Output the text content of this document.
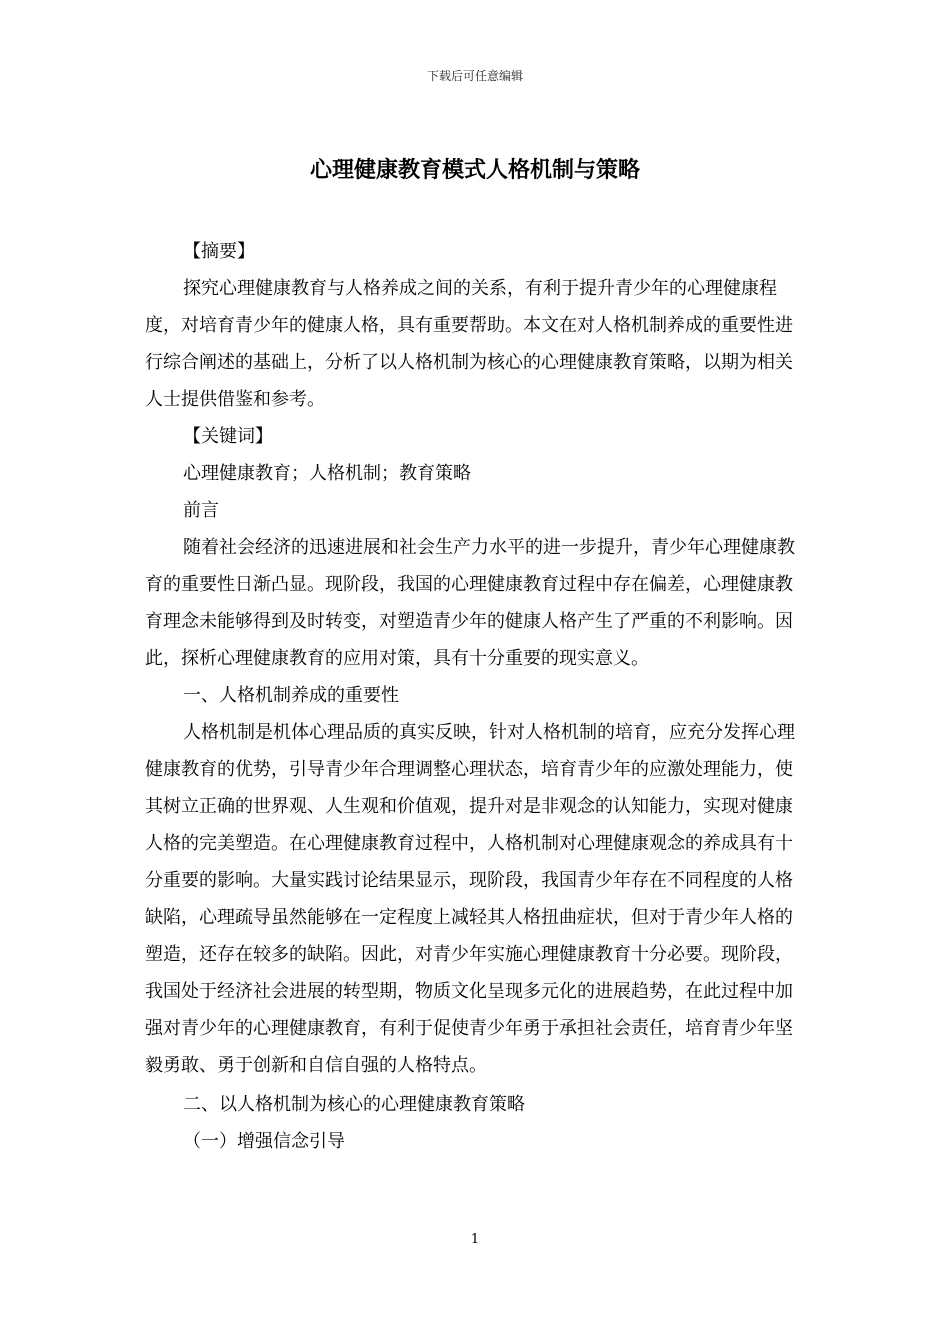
下载后可任意编辑
心理健康教育模式人格机制与策略

【摘要】

探究心理健康教育与人格养成之间的关系，有利于提升青少年的心理健康程度，对培育青少年的健康人格，具有重要帮助。本文在对人格机制养成的重要性进行综合阐述的基础上，分析了以人格机制为核心的心理健康教育策略，以期为相关人士提供借鉴和参考。

【关键词】

心理健康教育；人格机制；教育策略

前言

随着社会经济的迅速进展和社会生产力水平的进一步提升，青少年心理健康教育的重要性日渐凸显。现阶段，我国的心理健康教育过程中存在偏差，心理健康教育理念未能够得到及时转变，对塑造青少年的健康人格产生了严重的不利影响。因此，探析心理健康教育的应用对策，具有十分重要的现实意义。

一、人格机制养成的重要性

人格机制是机体心理品质的真实反映，针对人格机制的培育，应充分发挥心理健康教育的优势，引导青少年合理调整心理状态，培育青少年的应激处理能力，使其树立正确的世界观、人生观和价值观，提升对是非观念的认知能力，实现对健康人格的完美塑造。在心理健康教育过程中，人格机制对心理健康观念的养成具有十分重要的影响。大量实践讨论结果显示，现阶段，我国青少年存在不同程度的人格缺陷，心理疏导虽然能够在一定程度上减轻其人格扭曲症状，但对于青少年人格的塑造，还存在较多的缺陷。因此，对青少年实施心理健康教育十分必要。现阶段，我国处于经济社会进展的转型期，物质文化呈现多元化的进展趋势，在此过程中加强对青少年的心理健康教育，有利于促使青少年勇于承担社会责任，培育青少年坚毅勇敢、勇于创新和自信自强的人格特点。

二、以人格机制为核心的心理健康教育策略

（一）增强信念引导

1
